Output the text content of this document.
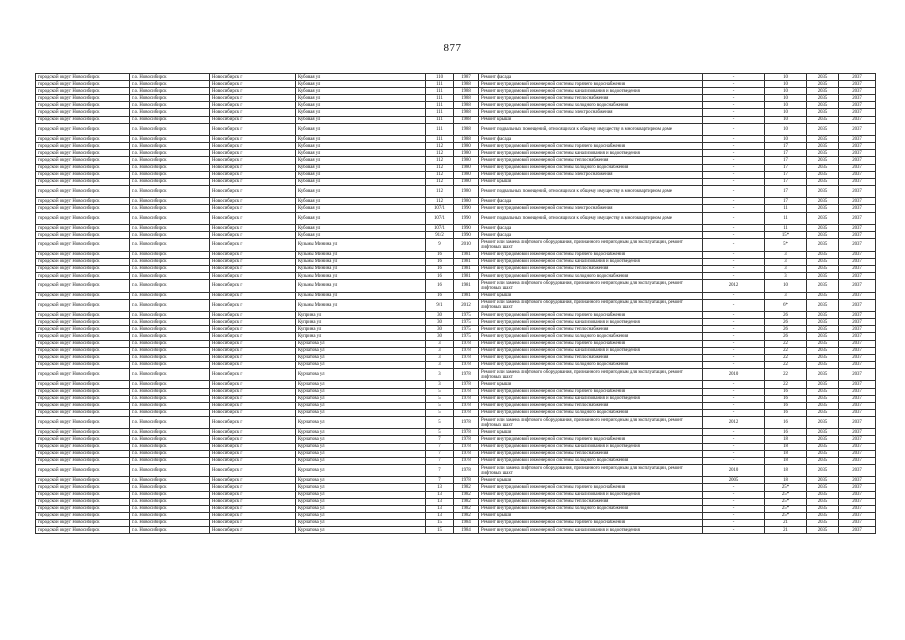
877
городской округ Новосибирск	г.о. Новосибирск	Новосибирск г	Кубовая ул	110	1987	Ремонт фасада	-	10	2035	2037
городской округ Новосибирск	г.о. Новосибирск	Новосибирск г	Кубовая ул	111	1988	Ремонт внутридомовой инженерной системы горячего водоснабжения	-	10	2035	2037
городской округ Новосибирск	г.о. Новосибирск	Новосибирск г	Кубовая ул	111	1988	Ремонт внутридомовой инженерной системы канализования и водоотведения	-	10	2035	2037
городской округ Новосибирск	г.о. Новосибирск	Новосибирск г	Кубовая ул	111	1988	Ремонт внутридомовой инженерной системы теплоснабжения	-	10	2035	2037
городской округ Новосибирск	г.о. Новосибирск	Новосибирск г	Кубовая ул	111	1988	Ремонт внутридомовой инженерной системы холодного водоснабжения	-	10	2035	2037
городской округ Новосибирск	г.о. Новосибирск	Новосибирск г	Кубовая ул	111	1988	Ремонт внутридомовой инженерной системы электроснабжения	-	10	2035	2037
городской округ Новосибирск	г.о. Новосибирск	Новосибирск г	Кубовая ул	111	1988	Ремонт крыши	-	10	2035	2037
городской округ Новосибирск	г.о. Новосибирск	Новосибирск г	Кубовая ул	111	1988	Ремонт подвальных помещений, относящихся к общему имуществу в многоквартирном доме	-	10	2035	2037
городской округ Новосибирск	г.о. Новосибирск	Новосибирск г	Кубовая ул	111	1988	Ремонт фасада	-	10	2035	2037
городской округ Новосибирск	г.о. Новосибирск	Новосибирск г	Кубовая ул	112	1980	Ремонт внутридомовой инженерной системы горячего водоснабжения	-	17	2035	2037
городской округ Новосибирск	г.о. Новосибирск	Новосибирск г	Кубовая ул	112	1980	Ремонт внутридомовой инженерной системы канализования и водоотведения	-	17	2035	2037
городской округ Новосибирск	г.о. Новосибирск	Новосибирск г	Кубовая ул	112	1980	Ремонт внутридомовой инженерной системы теплоснабжения	-	17	2035	2037
городской округ Новосибирск	г.о. Новосибирск	Новосибирск г	Кубовая ул	112	1980	Ремонт внутридомовой инженерной системы холодного водоснабжения	-	17	2035	2037
городской округ Новосибирск	г.о. Новосибирск	Новосибирск г	Кубовая ул	112	1980	Ремонт внутридомовой инженерной системы электроснабжения	-	17	2035	2037
городской округ Новосибирск	г.о. Новосибирск	Новосибирск г	Кубовая ул	112	1980	Ремонт крыши	-	17	2035	2037
городской округ Новосибирск	г.о. Новосибирск	Новосибирск г	Кубовая ул	112	1980	Ремонт подвальных помещений, относящихся к общему имуществу в многоквартирном доме	-	17	2035	2037
городской округ Новосибирск	г.о. Новосибирск	Новосибирск г	Кубовая ул	112	1980	Ремонт фасада	-	17	2035	2037
городской округ Новосибирск	г.о. Новосибирск	Новосибирск г	Кубовая ул	107/1	1990	Ремонт внутридомовой инженерной системы электроснабжения	-	11	2035	2037
городской округ Новосибирск	г.о. Новосибирск	Новосибирск г	Кубовая ул	107/1	1990	Ремонт подвальных помещений, относящихся к общему имуществу в многоквартирном доме	-	11	2035	2037
городской округ Новосибирск	г.о. Новосибирск	Новосибирск г	Кубовая ул	107/1	1990	Ремонт фасада	-	11	2035	2037
городской округ Новосибирск	г.о. Новосибирск	Новосибирск г	Кубовая ул	91/2	1990	Ремонт фасада	-	15*	2035	2037
городской округ Новосибирск	г.о. Новосибирск	Новосибирск г	Кузьмы Минина ул	9	2010	Ремонт или замена лифтового оборудования, признанного непригодным для эксплуатации, ремонт лифтовых шахт	-	5*	2035	2037
городской округ Новосибирск	г.о. Новосибирск	Новосибирск г	Кузьмы Минина ул	16	1981	Ремонт внутридомовой инженерной системы горячего водоснабжения	-	3	2035	2037
городской округ Новосибирск	г.о. Новосибирск	Новосибирск г	Кузьмы Минина ул	16	1981	Ремонт внутридомовой инженерной системы канализования и водоотведения	-	3	2035	2037
городской округ Новосибирск	г.о. Новосибирск	Новосибирск г	Кузьмы Минина ул	16	1981	Ремонт внутридомовой инженерной системы теплоснабжения	-	3	2035	2037
городской округ Новосибирск	г.о. Новосибирск	Новосибирск г	Кузьмы Минина ул	16	1981	Ремонт внутридомовой инженерной системы холодного водоснабжения	-	3	2035	2037
городской округ Новосибирск	г.о. Новосибирск	Новосибирск г	Кузьмы Минина ул	16	1981	Ремонт или замена лифтового оборудования, признанного непригодным для эксплуатации, ремонт лифтовых шахт	2012	10	2035	2037
городской округ Новосибирск	г.о. Новосибирск	Новосибирск г	Кузьмы Минина ул	16	1981	Ремонт крыши	-	3	2035	2037
городской округ Новосибирск	г.о. Новосибирск	Новосибирск г	Кузьмы Минина ул	9/1	2012	Ремонт или замена лифтового оборудования, признанного непригодным для эксплуатации, ремонт лифтовых шахт	-	6*	2035	2037
городской округ Новосибирск	г.о. Новосибирск	Новосибирск г	Куприна ул	30	1975	Ремонт внутридомовой инженерной системы горячего водоснабжения	-	26	2035	2037
городской округ Новосибирск	г.о. Новосибирск	Новосибирск г	Куприна ул	30	1975	Ремонт внутридомовой инженерной системы канализования и водоотведения	-	26	2035	2037
городской округ Новосибирск	г.о. Новосибирск	Новосибирск г	Куприна ул	30	1975	Ремонт внутридомовой инженерной системы теплоснабжения	-	26	2035	2037
городской округ Новосибирск	г.о. Новосибирск	Новосибирск г	Куприна ул	30	1975	Ремонт внутридомовой инженерной системы холодного водоснабжения	-	26	2035	2037
городской округ Новосибирск	г.о. Новосибирск	Новосибирск г	Курчатова ул	3	1978	Ремонт внутридомовой инженерной системы горячего водоснабжения	-	22	2035	2037
городской округ Новосибирск	г.о. Новосибирск	Новосибирск г	Курчатова ул	3	1978	Ремонт внутридомовой инженерной системы канализования и водоотведения	-	22	2035	2037
городской округ Новосибирск	г.о. Новосибирск	Новосибирск г	Курчатова ул	3	1978	Ремонт внутридомовой инженерной системы теплоснабжения	-	22	2035	2037
городской округ Новосибирск	г.о. Новосибирск	Новосибирск г	Курчатова ул	3	1978	Ремонт внутридомовой инженерной системы холодного водоснабжения	-	22	2035	2037
городской округ Новосибирск	г.о. Новосибирск	Новосибирск г	Курчатова ул	3	1978	Ремонт или замена лифтового оборудования, признанного непригодным для эксплуатации, ремонт лифтовых шахт	2010	22	2035	2037
городской округ Новосибирск	г.о. Новосибирск	Новосибирск г	Курчатова ул	3	1978	Ремонт крыши	-	22	2035	2037
городской округ Новосибирск	г.о. Новосибирск	Новосибирск г	Курчатова ул	5	1978	Ремонт внутридомовой инженерной системы горячего водоснабжения	-	16	2035	2037
городской округ Новосибирск	г.о. Новосибирск	Новосибирск г	Курчатова ул	5	1978	Ремонт внутридомовой инженерной системы канализования и водоотведения	-	16	2035	2037
городской округ Новосибирск	г.о. Новосибирск	Новосибирск г	Курчатова ул	5	1978	Ремонт внутридомовой инженерной системы теплоснабжения	-	16	2035	2037
городской округ Новосибирск	г.о. Новосибирск	Новосибирск г	Курчатова ул	5	1978	Ремонт внутридомовой инженерной системы холодного водоснабжения	-	16	2035	2037
городской округ Новосибирск	г.о. Новосибирск	Новосибирск г	Курчатова ул	5	1978	Ремонт или замена лифтового оборудования, признанного непригодным для эксплуатации, ремонт лифтовых шахт	2012	16	2035	2037
городской округ Новосибирск	г.о. Новосибирск	Новосибирск г	Курчатова ул	5	1978	Ремонт крыши	-	16	2035	2037
городской округ Новосибирск	г.о. Новосибирск	Новосибирск г	Курчатова ул	7	1978	Ремонт внутридомовой инженерной системы горячего водоснабжения	-	18	2035	2037
городской округ Новосибирск	г.о. Новосибирск	Новосибирск г	Курчатова ул	7	1978	Ремонт внутридомовой инженерной системы канализования и водоотведения	-	18	2035	2037
городской округ Новосибирск	г.о. Новосибирск	Новосибирск г	Курчатова ул	7	1978	Ремонт внутридомовой инженерной системы теплоснабжения	-	18	2035	2037
городской округ Новосибирск	г.о. Новосибирск	Новосибирск г	Курчатова ул	7	1978	Ремонт внутридомовой инженерной системы холодного водоснабжения	-	18	2035	2037
городской округ Новосибирск	г.о. Новосибирск	Новосибирск г	Курчатова ул	7	1978	Ремонт или замена лифтового оборудования, признанного непригодным для эксплуатации, ремонт лифтовых шахт	2010	18	2035	2037
городской округ Новосибирск	г.о. Новосибирск	Новосибирск г	Курчатова ул	7	1978	Ремонт крыши	2005	18	2035	2037
городской округ Новосибирск	г.о. Новосибирск	Новосибирск г	Курчатова ул	13	1982	Ремонт внутридомовой инженерной системы горячего водоснабжения	-	25*	2035	2037
городской округ Новосибирск	г.о. Новосибирск	Новосибирск г	Курчатова ул	13	1982	Ремонт внутридомовой инженерной системы канализования и водоотведения	-	25*	2035	2037
городской округ Новосибирск	г.о. Новосибирск	Новосибирск г	Курчатова ул	13	1982	Ремонт внутридомовой инженерной системы теплоснабжения	-	25*	2035	2037
городской округ Новосибирск	г.о. Новосибирск	Новосибирск г	Курчатова ул	13	1982	Ремонт внутридомовой инженерной системы холодного водоснабжения	-	25*	2035	2037
городской округ Новосибирск	г.о. Новосибирск	Новосибирск г	Курчатова ул	13	1982	Ремонт крыши	-	25*	2035	2037
городской округ Новосибирск	г.о. Новосибирск	Новосибирск г	Курчатова ул	15	1984	Ремонт внутридомовой инженерной системы горячего водоснабжения	-	21	2035	2037
городской округ Новосибирск	г.о. Новосибирск	Новосибирск г	Курчатова ул	15	1984	Ремонт внутридомовой инженерной системы канализования и водоотведения	-	21	2035	2037
